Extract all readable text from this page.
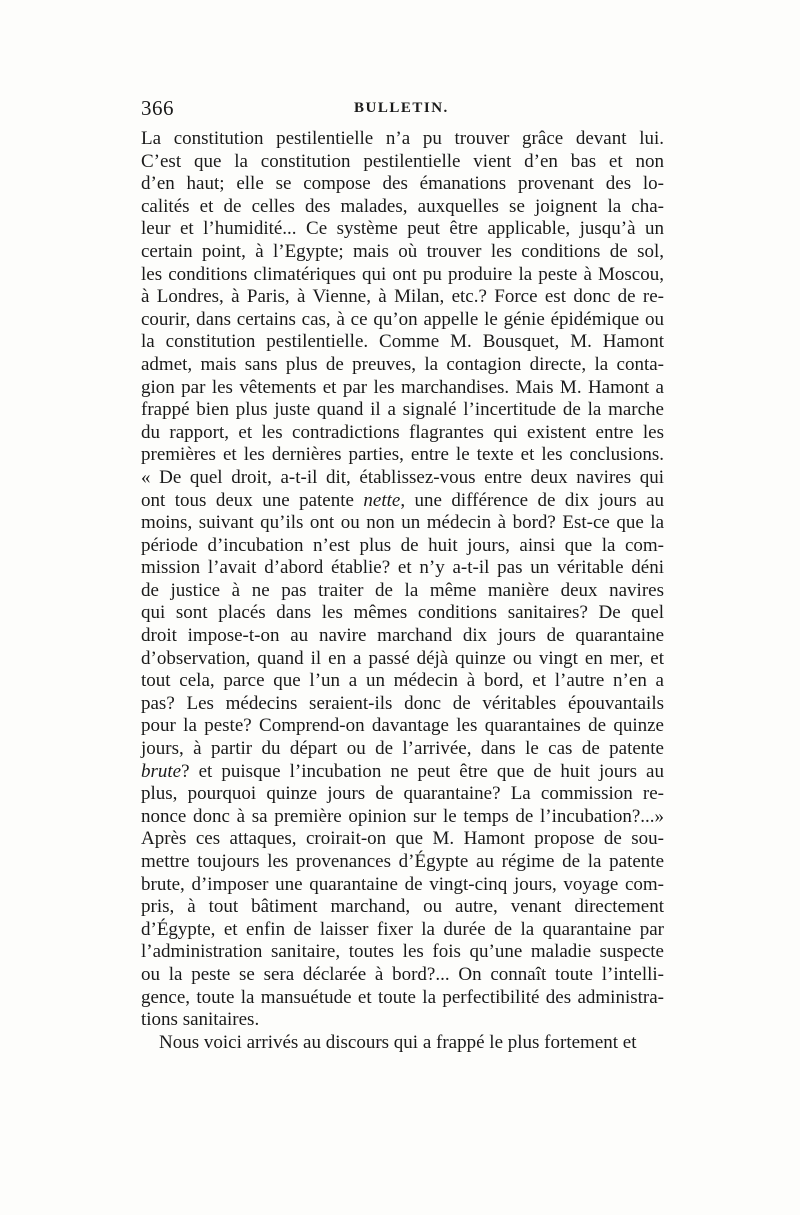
366	BULLETIN.
La constitution pestilentielle n’a pu trouver grâce devant lui.
C’est que la constitution pestilentielle vient d’en bas et non
d’en haut; elle se compose des émanations provenant des lo-
calités et de celles des malades, auxquelles se joignent la cha-
leur et l’humidité... Ce système peut être applicable, jusqu’à un
certain point, à l’Egypte; mais où trouver les conditions de sol,
les conditions climatériques qui ont pu produire la peste à Moscou,
à Londres, à Paris, à Vienne, à Milan, etc.? Force est donc de re-
courir, dans certains cas, à ce qu’on appelle le génie épidémique ou
la constitution pestilentielle. Comme M. Bousquet, M. Hamont
admet, mais sans plus de preuves, la contagion directe, la conta-
gion par les vêtements et par les marchandises. Mais M. Hamont a
frappé bien plus juste quand il a signalé l’incertitude de la marche
du rapport, et les contradictions flagrantes qui existent entre les
premières et les dernières parties, entre le texte et les conclusions.
« De quel droit, a-t-il dit, établissez-vous entre deux navires qui
ont tous deux une patente nette, une différence de dix jours au
moins, suivant qu’ils ont ou non un médecin à bord? Est-ce que la
période d’incubation n’est plus de huit jours, ainsi que la com-
mission l’avait d’abord établie? et n’y a-t-il pas un véritable déni
de justice à ne pas traiter de la même manière deux navires
qui sont placés dans les mêmes conditions sanitaires? De quel
droit impose-t-on au navire marchand dix jours de quarantaine
d’observation, quand il en a passé déjà quinze ou vingt en mer, et
tout cela, parce que l’un a un médecin à bord, et l’autre n’en a
pas? Les médecins seraient-ils donc de véritables épouvantails
pour la peste? Comprend-on davantage les quarantaines de quinze
jours, à partir du départ ou de l’arrivée, dans le cas de patente
brute? et puisque l’incubation ne peut être que de huit jours au
plus, pourquoi quinze jours de quarantaine? La commission re-
nonce donc à sa première opinion sur le temps de l’incubation?...»
Après ces attaques, croirait-on que M. Hamont propose de sou-
mettre toujours les provenances d’Égypte au régime de la patente
brute, d’imposer une quarantaine de vingt-cinq jours, voyage com-
pris, à tout bâtiment marchand, ou autre, venant directement
d’Égypte, et enfin de laisser fixer la durée de la quarantaine par
l’administration sanitaire, toutes les fois qu’une maladie suspecte
ou la peste se sera déclarée à bord?... On connaît toute l’intelli-
gence, toute la mansuétude et toute la perfectibilité des administra-
tions sanitaires.
Nous voici arrivés au discours qui a frappé le plus fortement et
